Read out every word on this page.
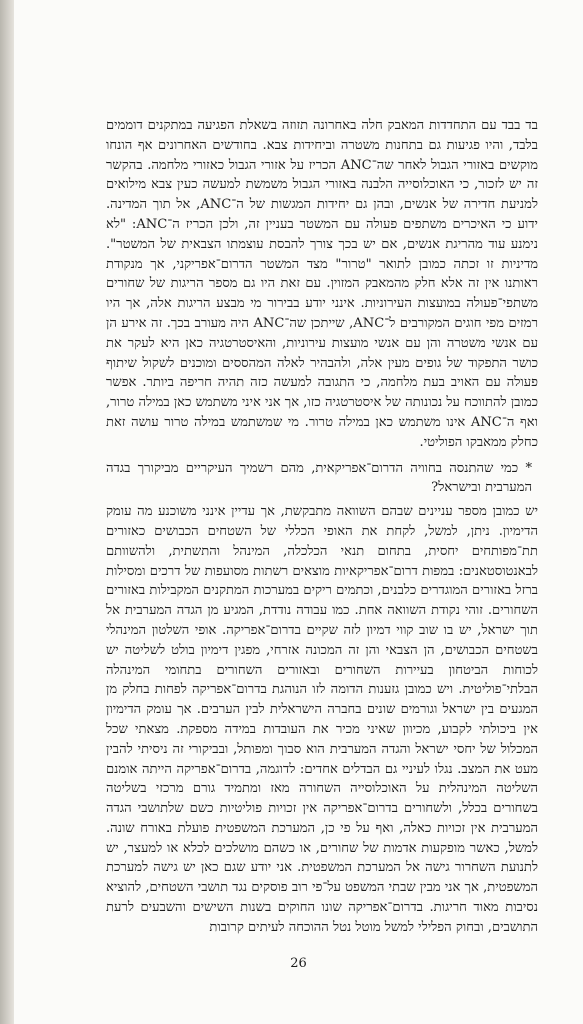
בד בבד עם התחדדות המאבק חלה באחרונה תזוזה בשאלת הפגיעה במתקנים דוממים בלבד, והיו פגיעות גם בתחנות משטרה וביחידות צבא. בחודשים האחרונים אף הונחו מוקשים באזורי הגבול לאחר שה־ANC הכריז על אזורי הגבול כאזורי מלחמה. בהקשר זה יש לזכור, כי האוכלוסייה הלבנה באזורי הגבול משמשת למעשה כעין צבא מילואים למניעת חדירה של אנשים, ובהן גם יחידות המגשות של ה־ANC, אל תוך המדינה. ידוע כי האיכרים משתפים פעולה עם המשטר בעניין זה, ולכן הכריז ה־ANC: "לא נימנע עוד מהריגת אנשים, אם יש בכך צורך להבסת עוצמתו הצבאית של המשטר". מדיניות זו זכתה כמובן לתואר "טרור" מצד המשטר הדרום־אפריקני, אך מנקודת ראותנו אין זה אלא חלק מהמאבק המזוין. עם זאת היו גם מספר הריגות של שחורים משתפי־פעולה במועצות העירוניות. אינני יודע בבירור מי מבצע הריגות אלה, אך היו רמזים מפי חוגים המקורבים ל־ANC, שייתכן שה־ANC היה מעורב בכך. זה אירע הן עם אנשי משטרה והן עם אנשי מועצות עירוניות, והאיסטרטגיה כאן היא לעקר את כושר התפקוד של גופים מעין אלה, ולהבהיר לאלה המהססים ומוכנים לשקול שיתוף פעולה עם האויב בעת מלחמה, כי התגובה למעשה כזה תהיה חריפה ביותר. אפשר כמובן להתווכח על נכונותה של איסטרטגיה כזו, אך אני איני משתמש כאן במילה טרור, ואף ה־ANC אינו משתמש כאן במילה טרור. מי שמשתמש במילה טרור עושה זאת כחלק ממאבקו הפוליטי.

* כמי שהתנסה בחוויה הדרום־אפריקאית, מהם רשמיך העיקריים מביקורך בגדה המערבית ובישראל?

יש כמובן מספר עניינים שבהם השוואה מתבקשת, אך עדיין אינני משוכנע מה עומק הדימיון. ניתן, למשל, לקחת את האופי הכללי של השטחים הכבושים כאזורים תת־מפותחים יחסית, בתחום תנאי הכלכלה, המינהל והתשתית, ולהשוותם לבאנטוסטאנים: במפות דרום־אפריקאיות מוצאים רשתות מסועפות של דרכים ומסילות ברזל באזורים המוגדרים כלבנים, וכתמים ריקים במערכות המתקנים המקבילות באזורים השחורים. זוהי נקודת השוואה אחת. כמו עבודה נודדת, המגיע מן הגדה המערבית אל תוך ישראל, יש בו שוב קווי דמיון לזה שקיים בדרום־אפריקה. אופי השלטון המינהלי בשטחים הכבושים, הן הצבאי והן זה המכונה אזרחי, מפגין דימיון בולט לשליטה יש לכוחות הביטחון בעיירות השחורים ובאזורים השחורים בתחומי המינהלה הבלתי־פוליטית. ויש כמובן גזענות הדומה לזו הנוהגת בדרום־אפריקה לפחות בחלק מן המגעים בין ישראל וגורמים שונים בחברה הישראלית לבין הערבים. אך עומק הדימיון אין ביכולתי לקבוע, מכיוון שאיני מכיר את העובדות במידה מספקת. מצאתי שכל המכלול של יחסי ישראל והגדה המערבית הוא סבוך ומפותל, ובביקורי זה ניסיתי להבין מעט את המצב. נגלו לעיניי גם הבדלים אחדים: לדוגמה, בדרום־אפריקה הייתה אומנם השליטה המינהלית על האוכלוסייה השחורה מאז ומתמיד גורם מרכזי בשליטה בשחורים בכלל, ולשחורים בדרום־אפריקה אין זכויות פוליטיות כשם שלתושבי הגדה המערבית אין זכויות כאלה, ואף על פי כן, המערכת המשפטית פועלת באורח שונה. למשל, כאשר מופקעות אדמות של שחורים, או כשהם מושלכים לכלא או למעצר, יש לתנועת השחרור גישה אל המערכת המשפטית. אני יודע שגם כאן יש גישה למערכת המשפטית, אך אני מבין שבתי המשפט על־פי רוב פוסקים נגד תושבי השטחים, להוציא נסיבות מאוד חריגות. בדרום־אפריקה שונו החוקים בשנות השישים והשבעים לרעת התושבים, ובחוק הפלילי למשל מוטל נטל ההוכחה לעיתים קרובות

26
